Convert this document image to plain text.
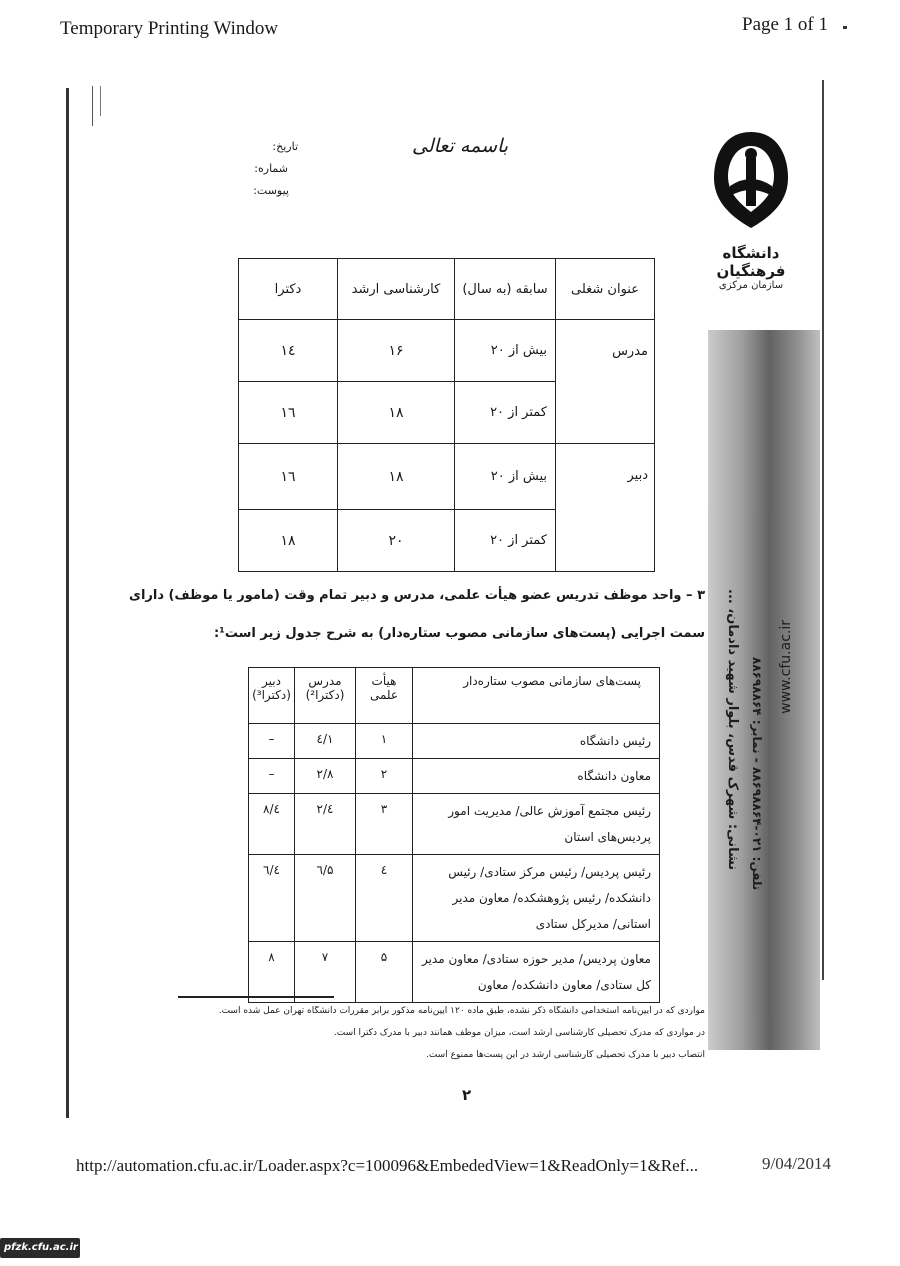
Temporary Printing Window	Page 1 of 1
باسمه تعالی
تاریخ:
شماره:
پیوست:
دانشگاه فرهنگیان
سازمان مرکزی
نشانی: شهرک قدس، بلوار شهید دادمان، ... تلفن: ۰۲۱-۸۸۶۹۸۸۶۴ - نمابر: ۸۸۶۹۸۸۶۴
www.cfu.ac.ir
عنوان شغلی	سابقه (به سال)	کارشناسی ارشد	دکترا
مدرس	بیش از ۲۰	۱۶	۱٤
	کمتر از ۲۰	۱۸	۱٦
دبیر	بیش از ۲۰	۱۸	۱٦
	کمتر از ۲۰	۲۰	۱۸
۳ – واحد موظف تدریس عضو هیأت علمی، مدرس و دبیر تمام وقت (مامور یا موظف) دارای
سمت اجرایی (پست‌های سازمانی مصوب ستاره‌دار) به شرح جدول زیر است¹:
پست‌های سازمانی مصوب ستاره‌دار	هیأت علمی	مدرس (دکترا²)	دبیر (دکترا³)
رئیس دانشگاه	۱	۱/٤	–
معاون دانشگاه	۲	۲/۸	–
رئیس مجتمع آموزش عالی/ مدیریت امور پردیس‌های استان	۳	٤/۲	٤/۸
رئیس پردیس/ رئیس مرکز ستادی/ رئیس دانشکده/ رئیس پژوهشکده/ معاون مدیر استانی/ مدیرکل ستادی	٤	۵/٦	٦/٤
معاون پردیس/ مدیر حوزه ستادی/ معاون مدیر کل ستادی/ معاون دانشکده/ معاون	۵	۷	۸
مواردی که در آیین‌نامه استخدامی دانشگاه ذکر نشده، طبق ماده ۱۲۰ آیین‌نامه مذکور برابر مقررات دانشگاه تهران عمل شده است.
در مواردی که مدرک تحصیلی کارشناسی ارشد است، میزان موظف همانند دبیر با مدرک دکترا است.
انتصاب دبیر با مدرک تحصیلی کارشناسی ارشد در این پست‌ها ممنوع است.
۲
http://automation.cfu.ac.ir/Loader.aspx?c=100096&EmbededView=1&ReadOnly=1&Ref...	9/04/2014
pfzk.cfu.ac.ir
